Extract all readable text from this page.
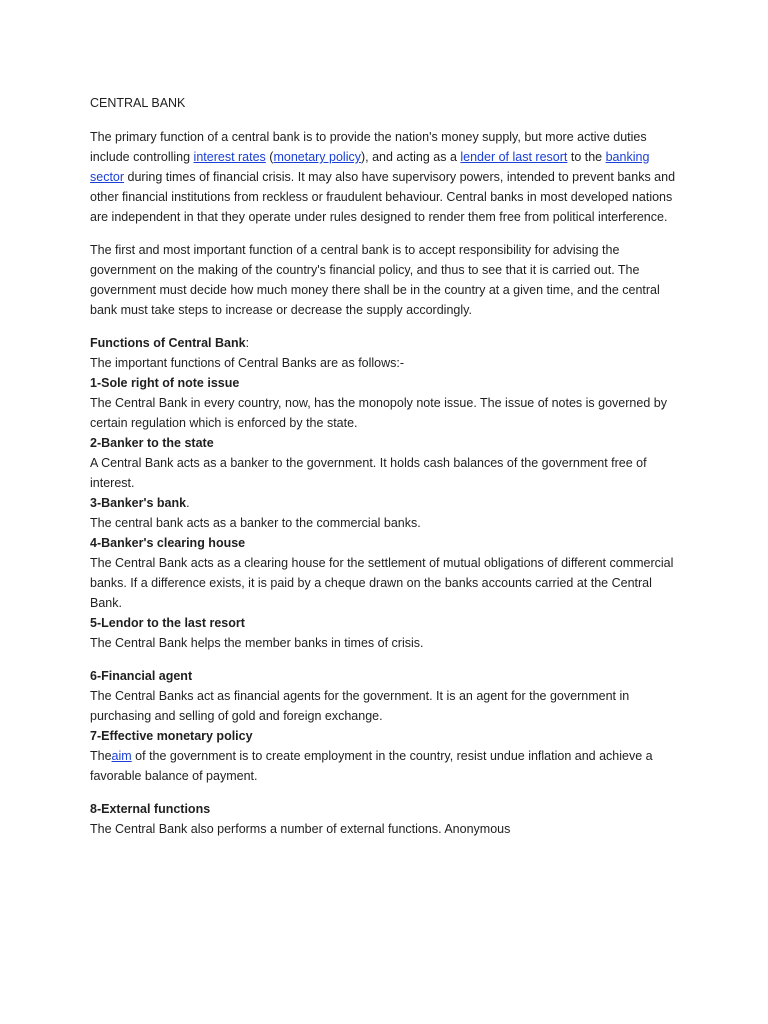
CENTRAL BANK

The primary function of a central bank is to provide the nation's money supply, but more active duties include controlling interest rates (monetary policy), and acting as a lender of last resort to the banking sector during times of financial crisis. It may also have supervisory powers, intended to prevent banks and other financial institutions from reckless or fraudulent behaviour. Central banks in most developed nations are independent in that they operate under rules designed to render them free from political interference.

The first and most important function of a central bank is to accept responsibility for advising the government on the making of the country's financial policy, and thus to see that it is carried out. The government must decide how much money there shall be in the country at a given time, and the central bank must take steps to increase or decrease the supply accordingly.

Functions of Central Bank:

The important functions of Central Banks are as follows:-

1-Sole right of note issue

The Central Bank in every country, now, has the monopoly note issue. The issue of notes is governed by certain regulation which is enforced by the state.

2-Banker to the state

A Central Bank acts as a banker to the government. It holds cash balances of the government free of interest.

3-Banker's bank.

The central bank acts as a banker to the commercial banks.

4-Banker's clearing house

The Central Bank acts as a clearing house for the settlement of mutual obligations of different commercial banks. If a difference exists, it is paid by a cheque drawn on the banks accounts carried at the Central Bank.

5-Lendor to the last resort

The Central Bank helps the member banks in times of crisis.

6-Financial agent

The Central Banks act as financial agents for the government. It is an agent for the government in purchasing and selling of gold and foreign exchange.

7-Effective monetary policy

Theaim of the government is to create employment in the country, resist undue inflation and achieve a favorable balance of payment.

8-External functions

The Central Bank also performs a number of external functions. Anonymous
